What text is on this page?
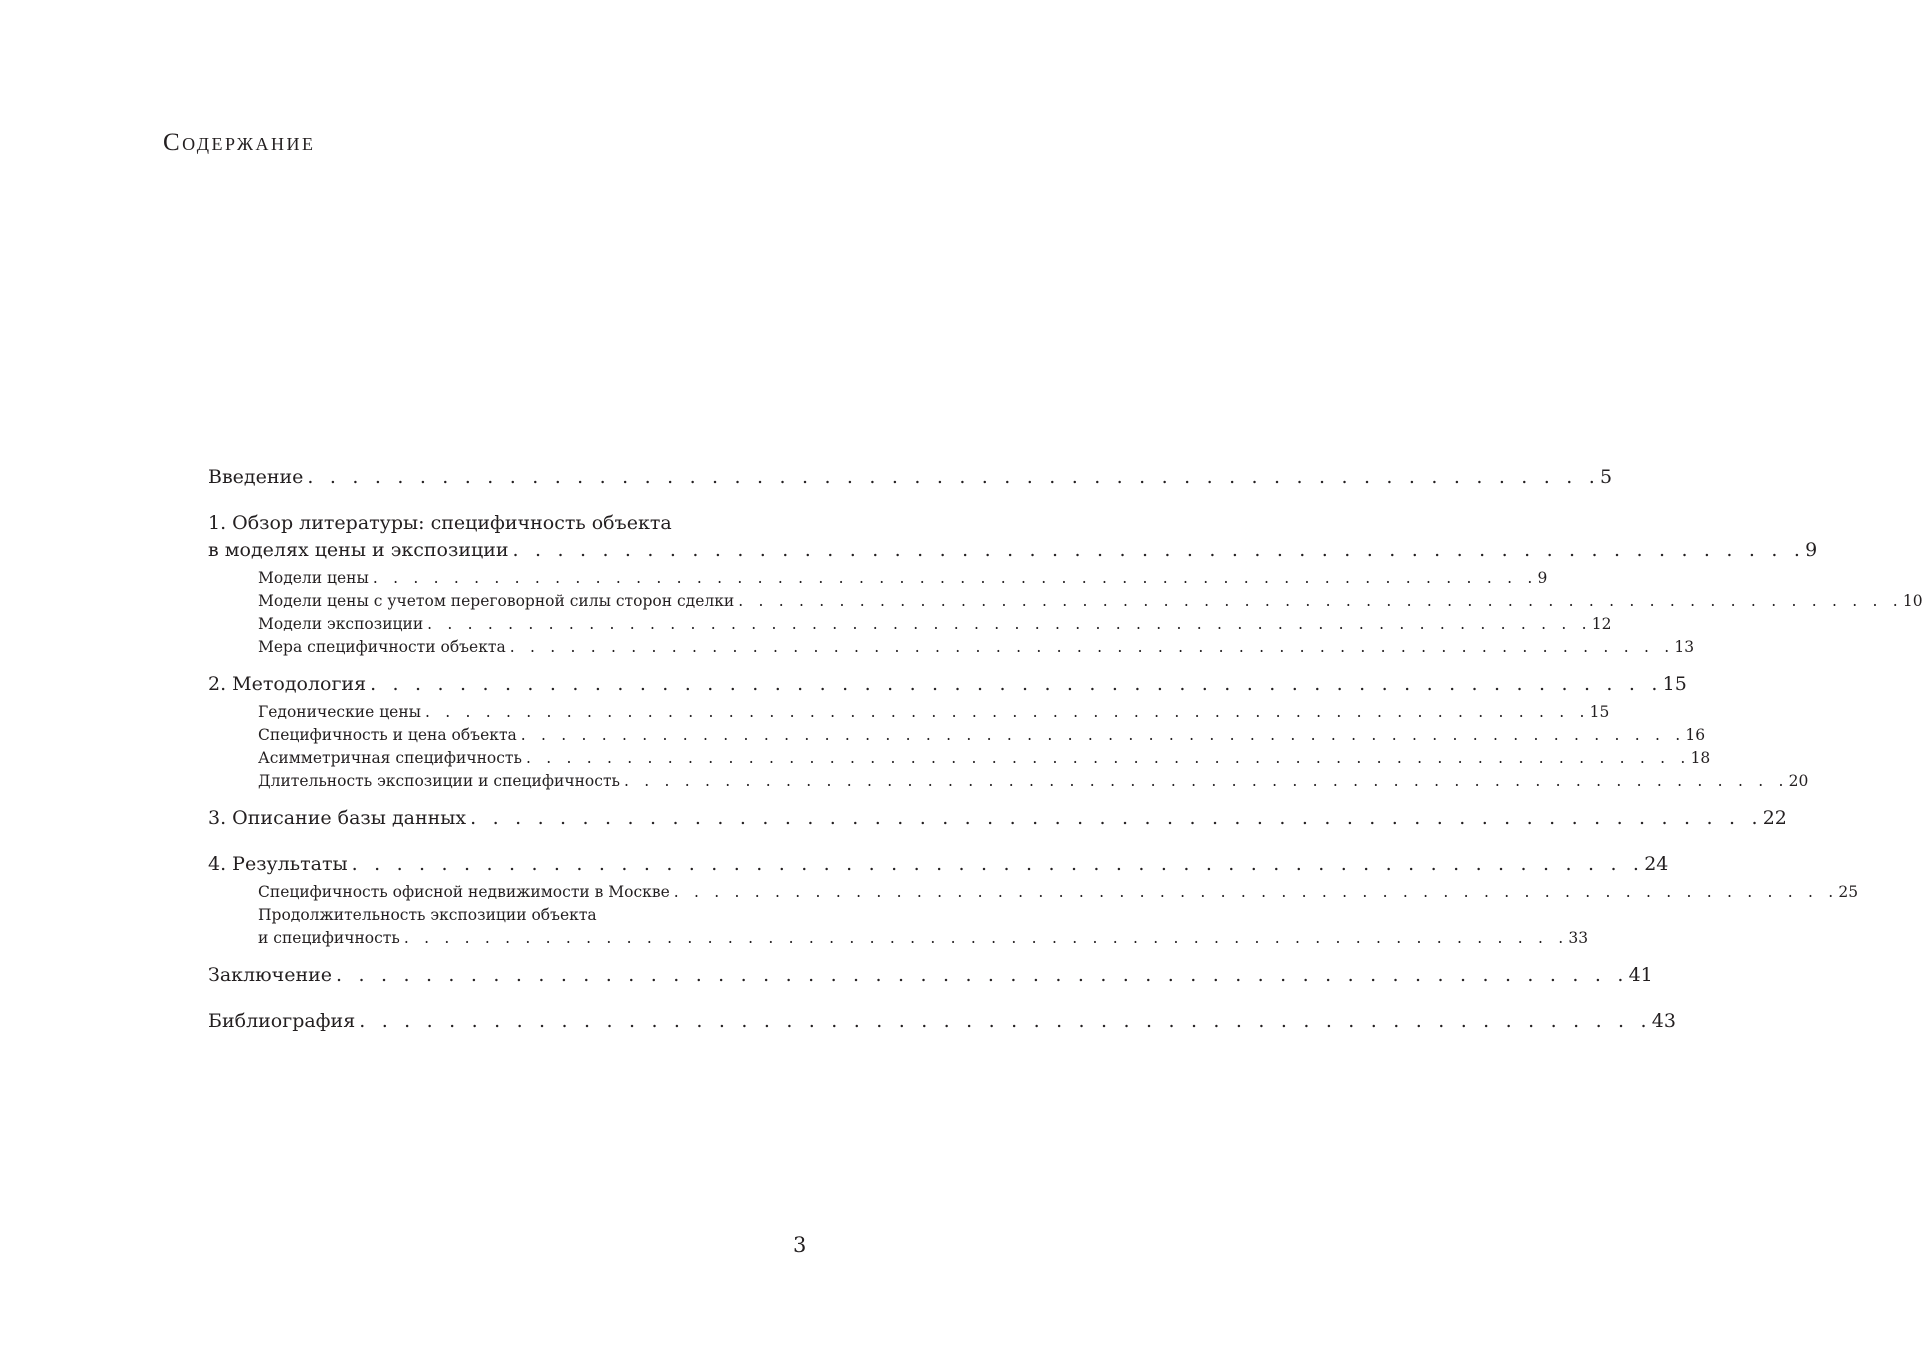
Содержание
Введение . . . . . . . . . . . . . . . . . . . . . . . . . . . . . . . . . . . . . . . . . . . . . . . . . . . . . . . . . . 5
1. Обзор литературы: специфичность объекта
в моделях цены и экспозиции . . . . . . . . . . . . . . . . . . . . . . . . . . . . . . . . . . . . . . . . . . . . . . . . . . . . . . . . . . 9
Модели цены . . . . . . . . . . . . . . . . . . . . . . . . . . . . . . . . . . . . . . . . . . . . . . . . . . . . . . . . . . 9
Модели цены с учетом переговорной силы сторон сделки . . . . . . . . . . . . . . . . . . . . . . . . . . . . . . . . . . . . . . . . . . . . . . . . . . . . . . . . . . 10
Модели экспозиции . . . . . . . . . . . . . . . . . . . . . . . . . . . . . . . . . . . . . . . . . . . . . . . . . . . . . . . . . . 12
Мера специфичности объекта . . . . . . . . . . . . . . . . . . . . . . . . . . . . . . . . . . . . . . . . . . . . . . . . . . . . . . . . . . 13
2. Методология . . . . . . . . . . . . . . . . . . . . . . . . . . . . . . . . . . . . . . . . . . . . . . . . . . . . . . . . . . 15
Гедонические цены . . . . . . . . . . . . . . . . . . . . . . . . . . . . . . . . . . . . . . . . . . . . . . . . . . . . . . . . . . 15
Специфичность и цена объекта . . . . . . . . . . . . . . . . . . . . . . . . . . . . . . . . . . . . . . . . . . . . . . . . . . . . . . . . . . 16
Асимметричная специфичность . . . . . . . . . . . . . . . . . . . . . . . . . . . . . . . . . . . . . . . . . . . . . . . . . . . . . . . . . . 18
Длительность экспозиции и специфичность . . . . . . . . . . . . . . . . . . . . . . . . . . . . . . . . . . . . . . . . . . . . . . . . . . . . . . . . . . 20
3. Описание базы данных . . . . . . . . . . . . . . . . . . . . . . . . . . . . . . . . . . . . . . . . . . . . . . . . . . . . . . . . . . 22
4. Результаты . . . . . . . . . . . . . . . . . . . . . . . . . . . . . . . . . . . . . . . . . . . . . . . . . . . . . . . . . . 24
Специфичность офисной недвижимости в Москве . . . . . . . . . . . . . . . . . . . . . . . . . . . . . . . . . . . . . . . . . . . . . . . . . . . . . . . . . . 25
Продолжительность экспозиции объекта
и специфичность . . . . . . . . . . . . . . . . . . . . . . . . . . . . . . . . . . . . . . . . . . . . . . . . . . . . . . . . . . 33
Заключение . . . . . . . . . . . . . . . . . . . . . . . . . . . . . . . . . . . . . . . . . . . . . . . . . . . . . . . . . . 41
Библиография . . . . . . . . . . . . . . . . . . . . . . . . . . . . . . . . . . . . . . . . . . . . . . . . . . . . . . . . . . 43
3
